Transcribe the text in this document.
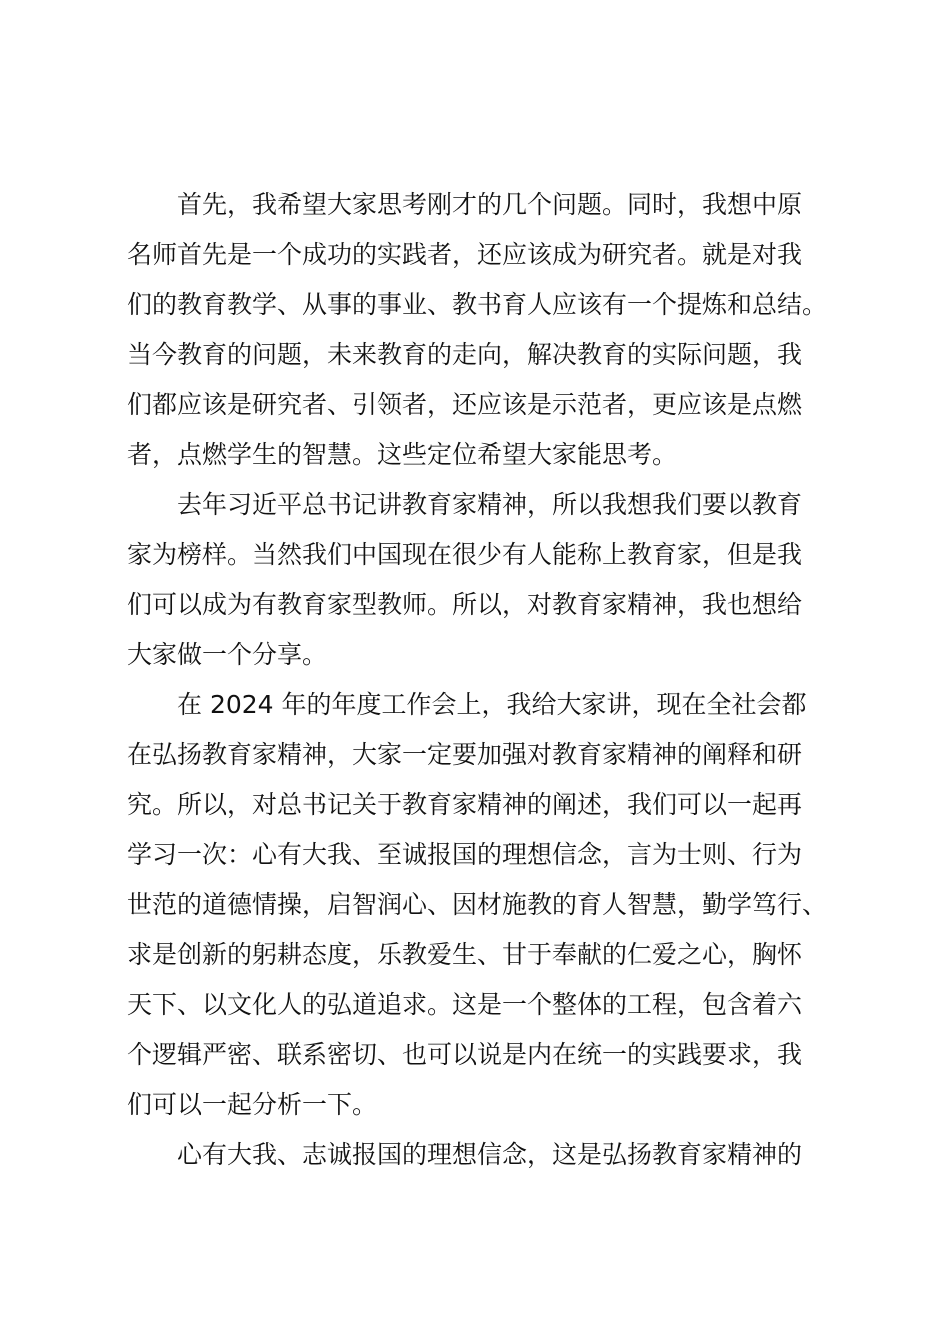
首先，我希望大家思考刚才的几个问题。同时，我想中原
名师首先是一个成功的实践者，还应该成为研究者。就是对我
们的教育教学、从事的事业、教书育人应该有一个提炼和总结。
当今教育的问题，未来教育的走向，解决教育的实际问题，我
们都应该是研究者、引领者，还应该是示范者，更应该是点燃
者，点燃学生的智慧。这些定位希望大家能思考。
去年习近平总书记讲教育家精神，所以我想我们要以教育
家为榜样。当然我们中国现在很少有人能称上教育家，但是我
们可以成为有教育家型教师。所以，对教育家精神，我也想给
大家做一个分享。
在 2024 年的年度工作会上，我给大家讲，现在全社会都
在弘扬教育家精神，大家一定要加强对教育家精神的阐释和研
究。所以，对总书记关于教育家精神的阐述，我们可以一起再
学习一次：心有大我、至诚报国的理想信念，言为士则、行为
世范的道德情操，启智润心、因材施教的育人智慧，勤学笃行、
求是创新的躬耕态度，乐教爱生、甘于奉献的仁爱之心，胸怀
天下、以文化人的弘道追求。这是一个整体的工程，包含着六
个逻辑严密、联系密切、也可以说是内在统一的实践要求，我
们可以一起分析一下。
心有大我、志诚报国的理想信念，这是弘扬教育家精神的
